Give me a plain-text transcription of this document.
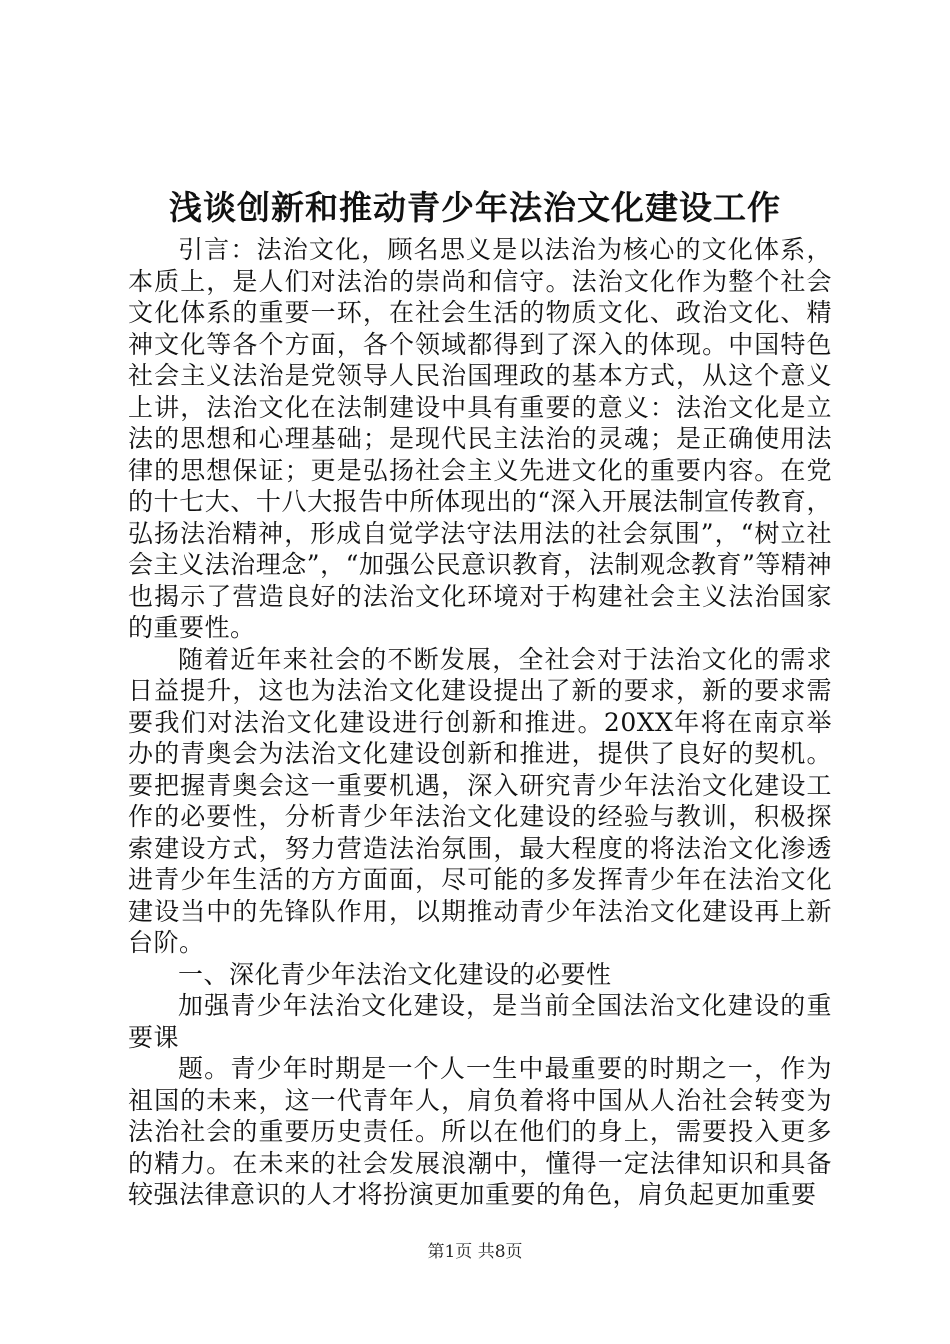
浅谈创新和推动青少年法治文化建设工作

引言：法治文化，顾名思义是以法治为核心的文化体系，本质上，是人们对法治的崇尚和信守。法治文化作为整个社会文化体系的重要一环，在社会生活的物质文化、政治文化、精神文化等各个方面，各个领域都得到了深入的体现。中国特色社会主义法治是党领导人民治国理政的基本方式，从这个意义上讲，法治文化在法制建设中具有重要的意义：法治文化是立法的思想和心理基础；是现代民主法治的灵魂；是正确使用法律的思想保证；更是弘扬社会主义先进文化的重要内容。在党的十七大、十八大报告中所体现出的“深入开展法制宣传教育，弘扬法治精神，形成自觉学法守法用法的社会氛围”，“树立社会主义法治理念”，“加强公民意识教育，法制观念教育”等精神也揭示了营造良好的法治文化环境对于构建社会主义法治国家的重要性。

随着近年来社会的不断发展，全社会对于法治文化的需求日益提升，这也为法治文化建设提出了新的要求，新的要求需要我们对法治文化建设进行创新和推进。20XX年将在南京举办的青奥会为法治文化建设创新和推进，提供了良好的契机。要把握青奥会这一重要机遇，深入研究青少年法治文化建设工作的必要性，分析青少年法治文化建设的经验与教训，积极探索建设方式，努力营造法治氛围，最大程度的将法治文化渗透进青少年生活的方方面面，尽可能的多发挥青少年在法治文化建设当中的先锋队作用，以期推动青少年法治文化建设再上新台阶。

一、深化青少年法治文化建设的必要性

加强青少年法治文化建设，是当前全国法治文化建设的重要课

题。青少年时期是一个人一生中最重要的时期之一，作为祖国的未来，这一代青年人，肩负着将中国从人治社会转变为法治社会的重要历史责任。所以在他们的身上，需要投入更多的精力。在未来的社会发展浪潮中，懂得一定法律知识和具备较强法律意识的人才将扮演更加重要的角色，肩负起更加重要

第1页 共8页
